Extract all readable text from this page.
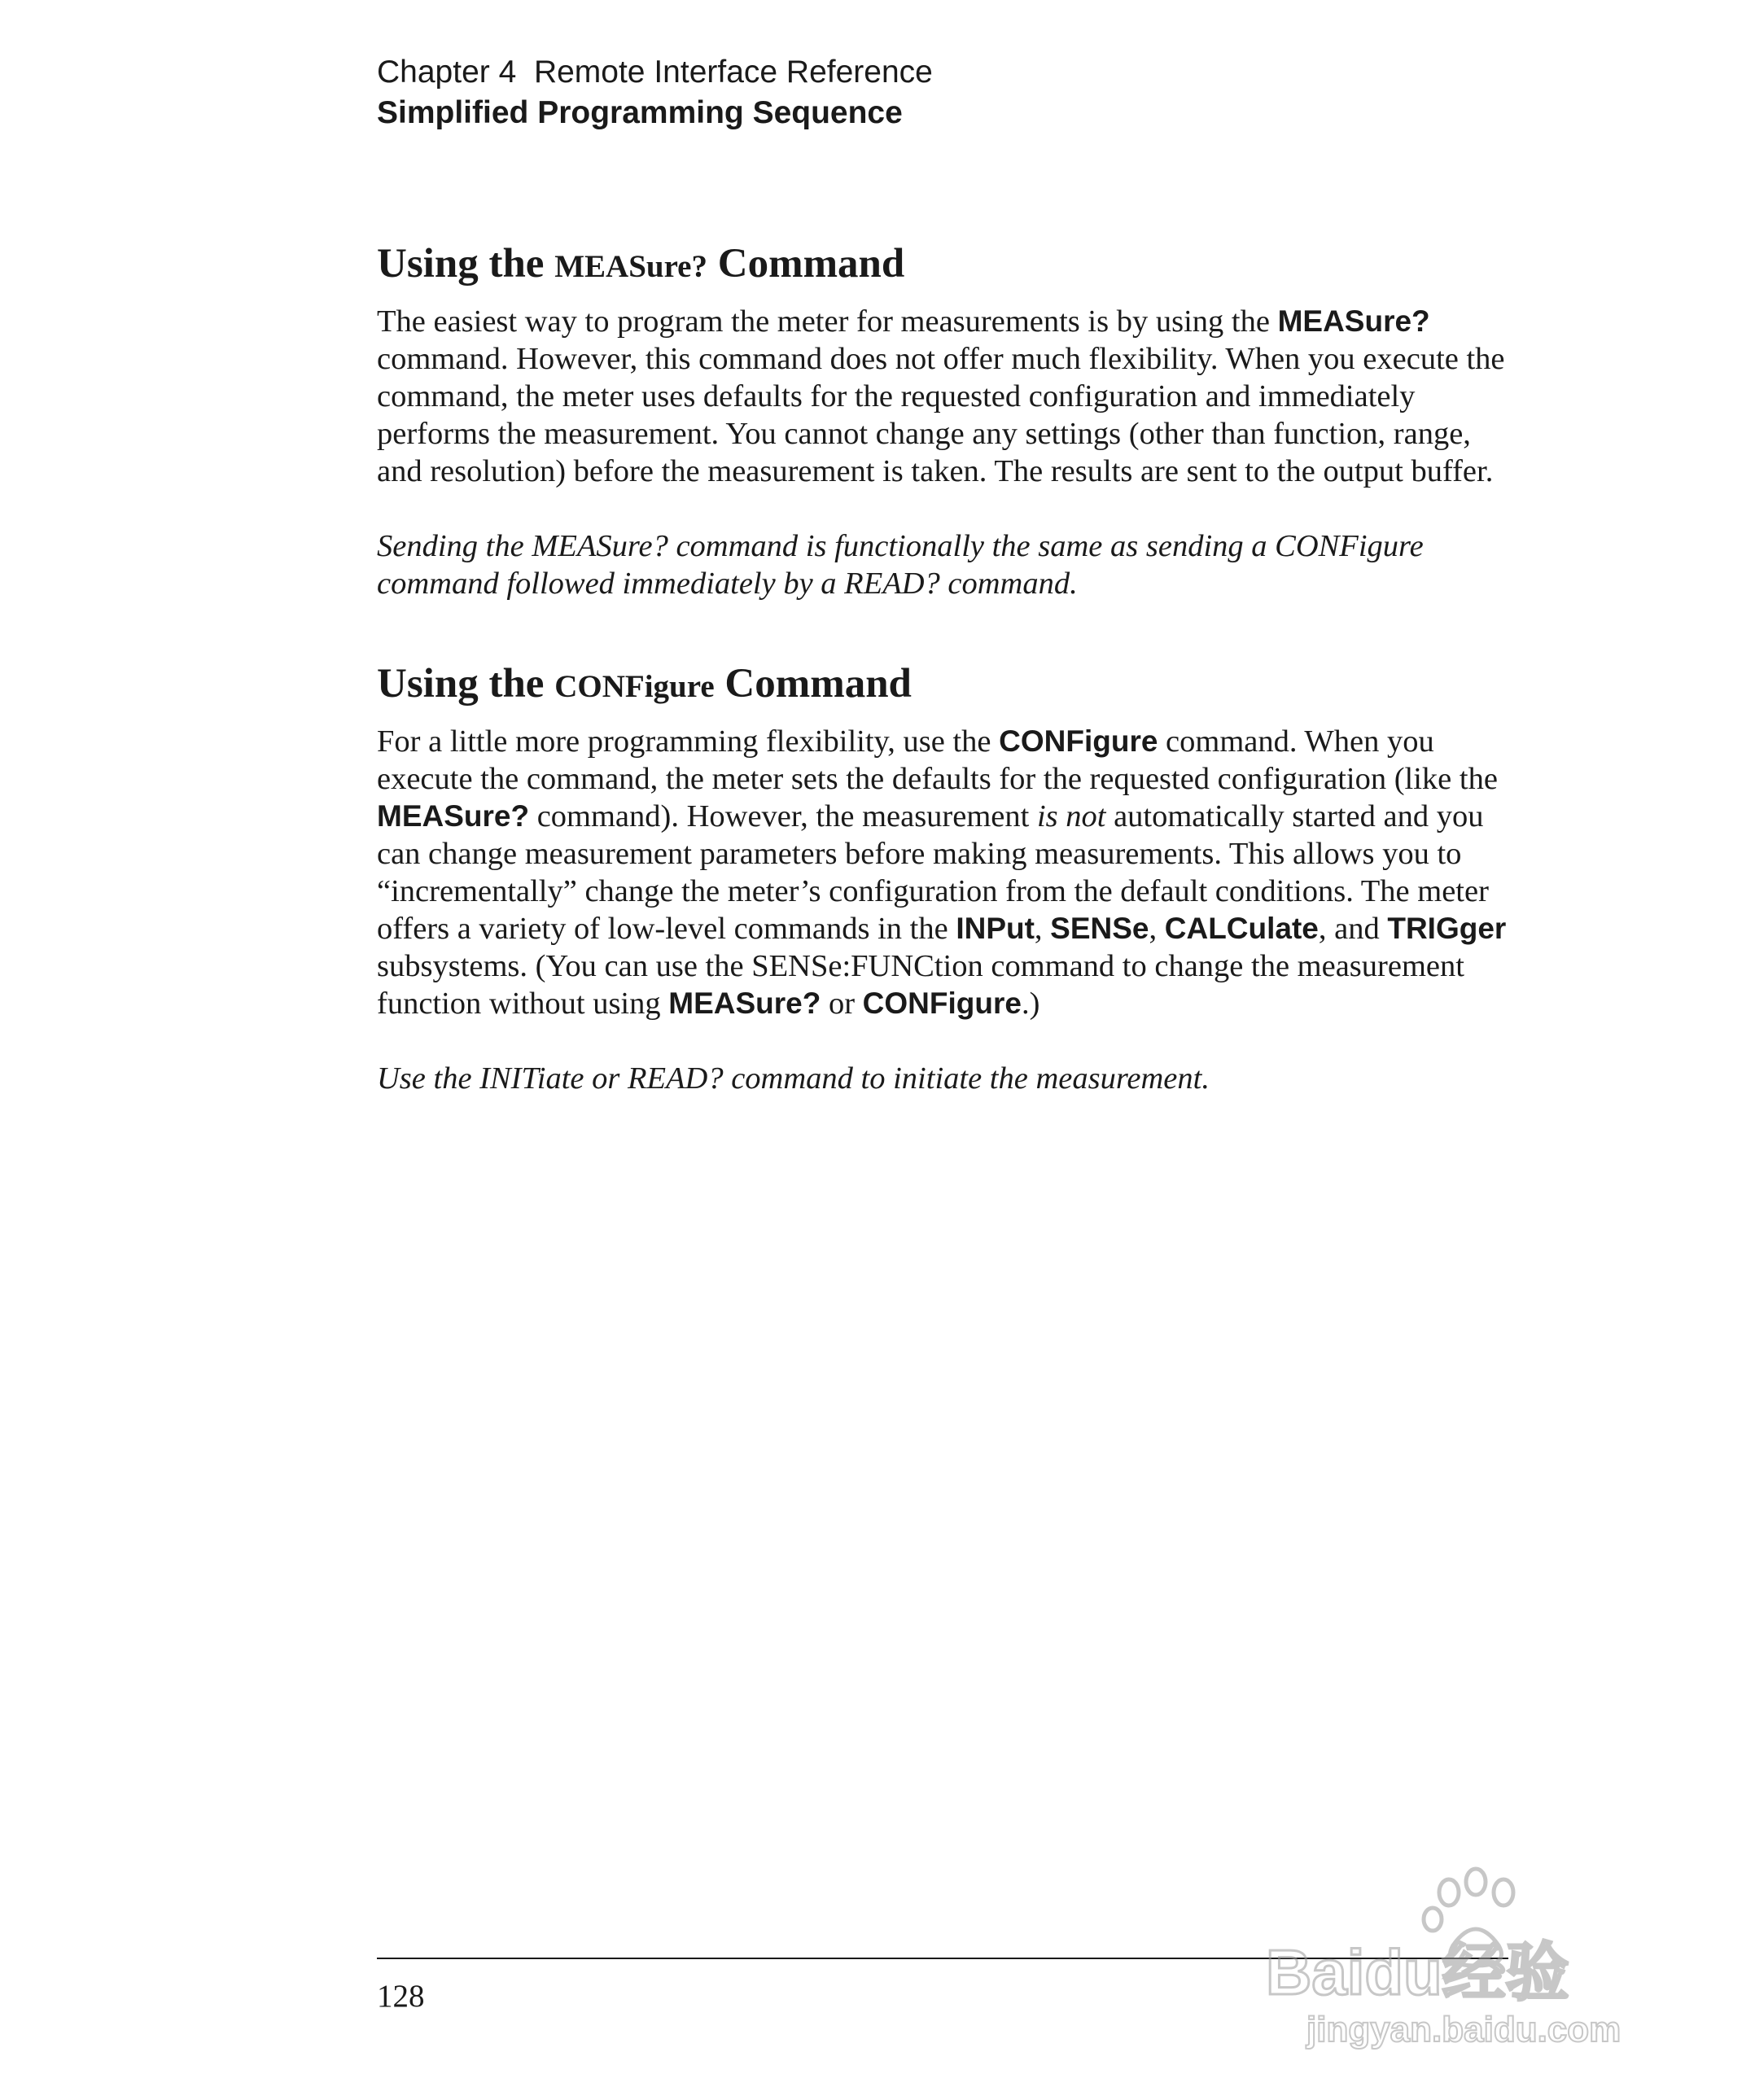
Chapter 4  Remote Interface Reference
Simplified Programming Sequence
Using the MEASure? Command

The easiest way to program the meter for measurements is by using the MEASure? command. However, this command does not offer much flexibility. When you execute the command, the meter uses defaults for the requested configuration and immediately performs the measurement. You cannot change any settings (other than function, range, and resolution) before the measurement is taken. The results are sent to the output buffer.

Sending the MEASure? command is functionally the same as sending a CONFigure command followed immediately by a READ? command.

Using the CONFigure Command

For a little more programming flexibility, use the CONFigure command. When you execute the command, the meter sets the defaults for the requested configuration (like the MEASure? command). However, the measurement is not automatically started and you can change measurement parameters before making measurements. This allows you to “incrementally” change the meter’s configuration from the default conditions. The meter offers a variety of low-level commands in the INPut, SENSe, CALCulate, and TRIGger subsystems. (You can use the SENSe:FUNCtion command to change the measurement function without using MEASure? or CONFigure.)

Use the INITiate or READ? command to initiate the measurement.

128	Baidu经验
jingyan.baidu.com
